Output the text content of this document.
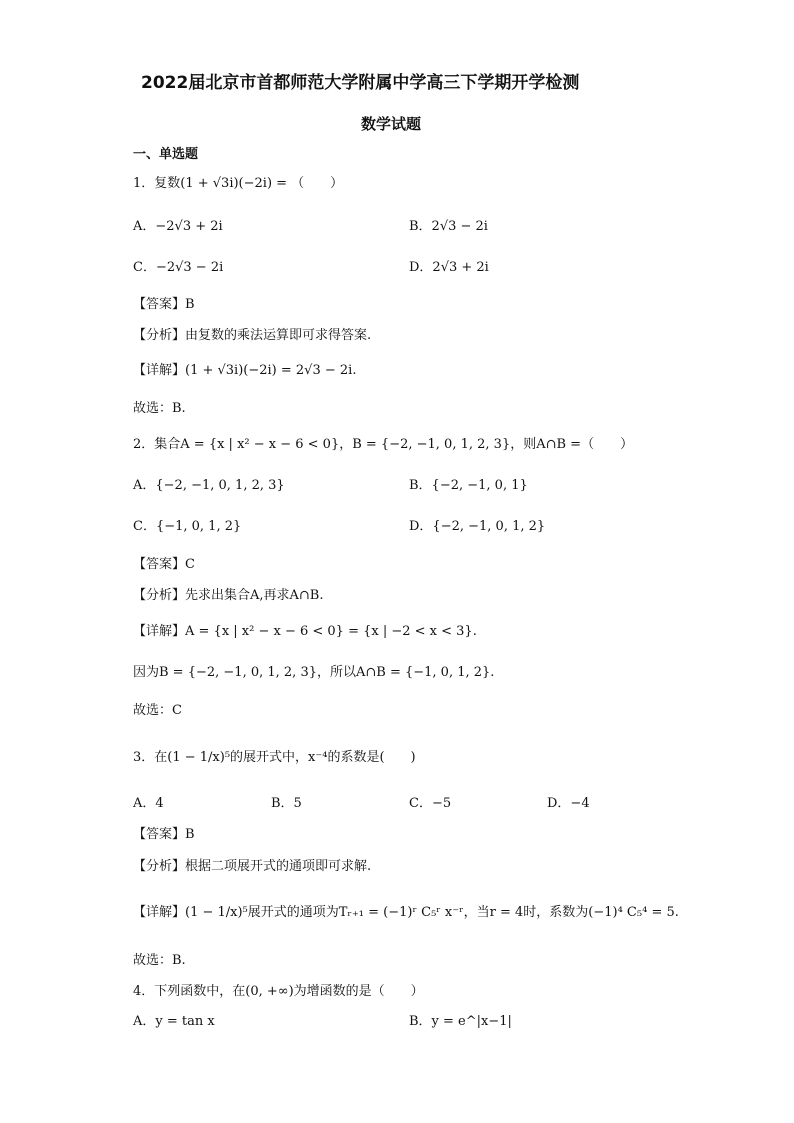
2022届北京市首都师范大学附属中学高三下学期开学检测
数学试题
一、单选题
1．复数(1 + √3i)(−2i) = （　　）
A．−2√3 + 2i	B．2√3 − 2i
C．−2√3 − 2i	D．2√3 + 2i
【答案】B
【分析】由复数的乘法运算即可求得答案.
【详解】(1 + √3i)(−2i) = 2√3 − 2i.
故选：B.
2．集合A = {x | x² − x − 6 < 0}，B = {−2, −1, 0, 1, 2, 3}，则A∩B =（　　）
A．{−2, −1, 0, 1, 2, 3}	B．{−2, −1, 0, 1}
C．{−1, 0, 1, 2}	D．{−2, −1, 0, 1, 2}
【答案】C
【分析】先求出集合A,再求A∩B.
【详解】A = {x | x² − x − 6 < 0} = {x | −2 < x < 3}.
因为B = {−2, −1, 0, 1, 2, 3}，所以A∩B = {−1, 0, 1, 2}.
故选：C
3．在(1 − 1/x)⁵的展开式中，x⁻⁴的系数是(　　)
A．4	B．5	C．−5	D．−4
【答案】B
【分析】根据二项展开式的通项即可求解.
【详解】(1 − 1/x)⁵展开式的通项为Tᵣ₊₁ = (−1)ʳ C₅ʳ x⁻ʳ，当r = 4时，系数为(−1)⁴ C₅⁴ = 5.
故选：B.
4．下列函数中，在(0, +∞)为增函数的是（　　）
A．y = tan x	B．y = e^|x−1|
